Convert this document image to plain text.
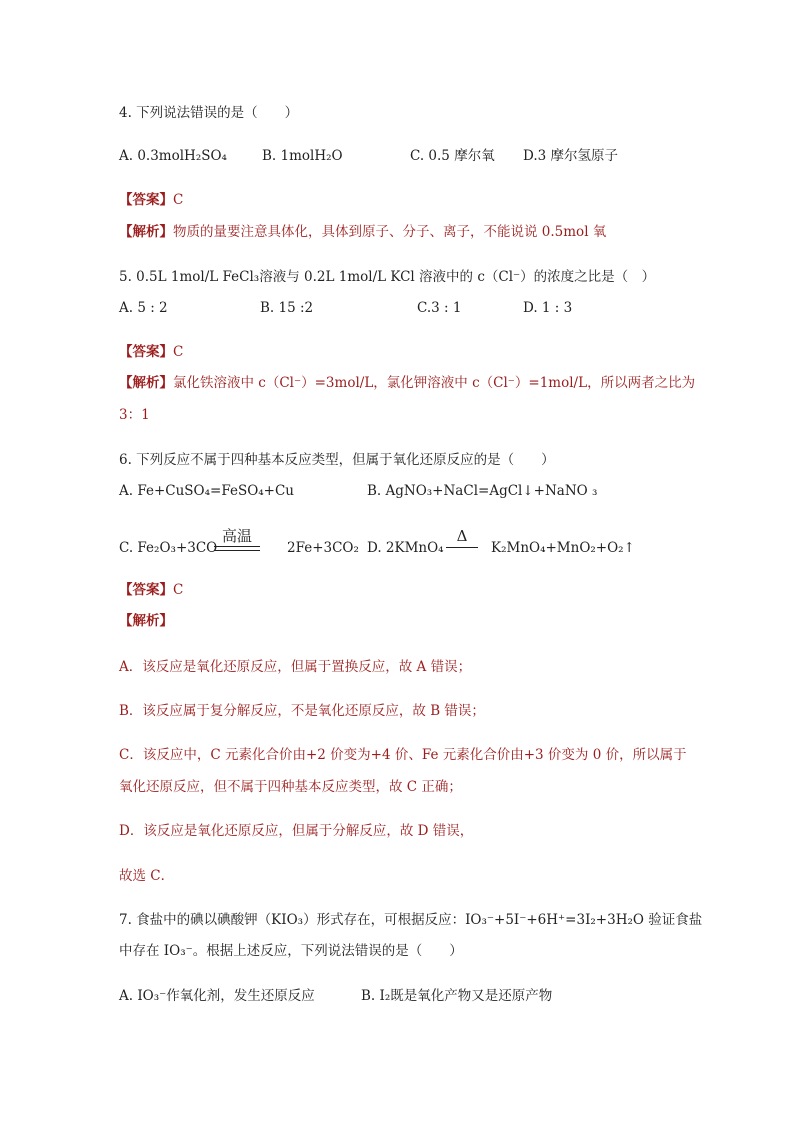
4. 下列说法错误的是（　　）
A. 0.3molH₂SO₄	B. 1molH₂O	C. 0.5 摩尔氧 D.3 摩尔氢原子
【答案】C
【解析】物质的量要注意具体化，具体到原子、分子、离子，不能说说 0.5mol 氧
5. 0.5L 1mol/L FeCl₃溶液与 0.2L 1mol/L KCl 溶液中的 c（Cl⁻）的浓度之比是（　）
A. 5 : 2	B. 15 :2	C.3 : 1	D. 1 : 3
【答案】C
【解析】氯化铁溶液中 c（Cl⁻）=3mol/L，氯化钾溶液中 c（Cl⁻）=1mol/L，所以两者之比为
3：1
6. 下列反应不属于四种基本反应类型，但属于氧化还原反应的是（　　）
A. Fe+CuSO₄=FeSO₄+Cu	B. AgNO₃+NaCl=AgCl↓+NaNO ₃
C. Fe₂O₃+3CO
高温
2Fe+3CO₂ D. 2KMnO₄
Δ
K₂MnO₄+MnO₂+O₂↑
【答案】C
【解析】
A．该反应是氧化还原反应，但属于置换反应，故 A 错误；
B．该反应属于复分解反应，不是氧化还原反应，故 B 错误；
C．该反应中，C 元素化合价由+2 价变为+4 价、Fe 元素化合价由+3 价变为 0 价，所以属于
氧化还原反应，但不属于四种基本反应类型，故 C 正确；
D．该反应是氧化还原反应，但属于分解反应，故 D 错误，
故选 C．
7. 食盐中的碘以碘酸钾（KIO₃）形式存在，可根据反应：IO₃⁻+5I⁻+6H⁺=3I₂+3H₂O 验证食盐
中存在 IO₃⁻。根据上述反应，下列说法错误的是（　　）
A. IO₃⁻作氧化剂，发生还原反应	B. I₂既是氧化产物又是还原产物
